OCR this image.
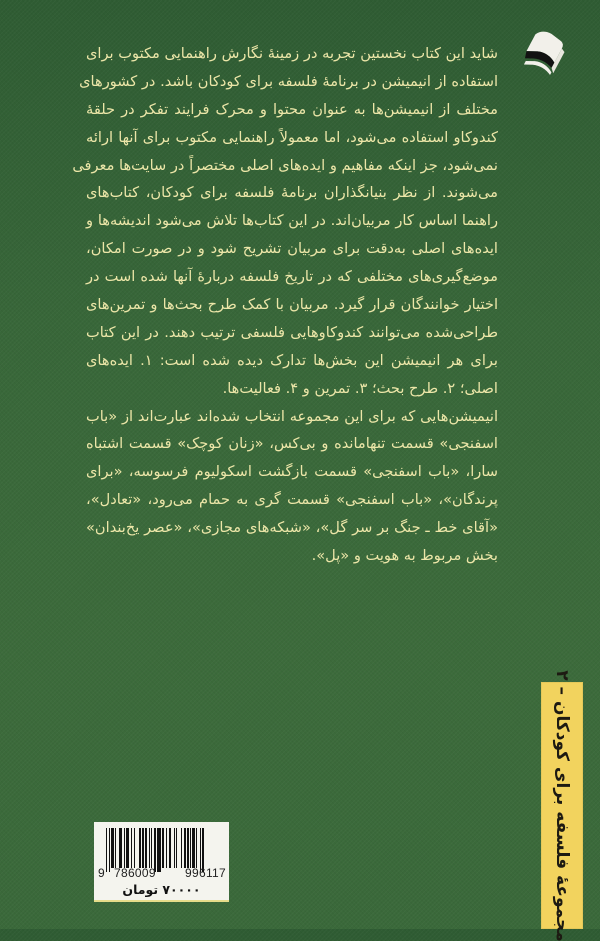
شاید این کتاب نخستین تجربه در زمینهٔ نگارش راهنمایی مکتوب برای
استفاده از انیمیشن در برنامهٔ فلسفه برای کودکان باشد. در کشورهای
مختلف از انیمیشن‌ها به عنوان محتوا و محرک فرایند تفکر در حلقهٔ
کندوکاو استفاده می‌شود، اما معمولاً راهنمایی مکتوب برای آنها ارائه
نمی‌شود، جز اینکه مفاهیم و ایده‌های اصلی مختصراً در سایت‌ها معرفی
می‌شوند. از نظر بنیانگذاران برنامهٔ فلسفه برای کودکان، کتاب‌های
راهنما اساس کار مربیان‌اند. در این کتاب‌ها تلاش می‌شود اندیشه‌ها و
ایده‌های اصلی به‌دقت برای مربیان تشریح شود و در صورت امکان،
موضع‌گیری‌های مختلفی که در تاریخ فلسفه دربارهٔ آنها شده است در
اختیار خوانندگان قرار گیرد. مربیان با کمک طرح بحث‌ها و تمرین‌های
طراحی‌شده می‌توانند کندوکاوهایی فلسفی ترتیب دهند. در این کتاب
برای هر انیمیشن این بخش‌ها تدارک دیده شده است: ۱. ایده‌های
اصلی؛ ۲. طرح بحث؛ ۳. تمرین و ۴. فعالیت‌ها.
انیمیشن‌هایی که برای این مجموعه انتخاب شده‌اند عبارت‌اند از «باب
اسفنجی» قسمت تنهامانده و بی‌کس، «زنان کوچک» قسمت اشتباه
سارا، «باب اسفنجی» قسمت بازگشت اسکولیوم فرسوسه، «برای
پرندگان»، «باب اسفنجی» قسمت گری به حمام می‌رود، «تعادل»،
«آقای خط ـ جنگ بر سر گل»، «شبکه‌های مجازی»، «عصر یخ‌بندان»
بخش مربوط به هویت و «پل».
مجموعهٔ فلسفه برای کودکان – ۲
9 786009	996117
۷۰۰۰۰ تومان
